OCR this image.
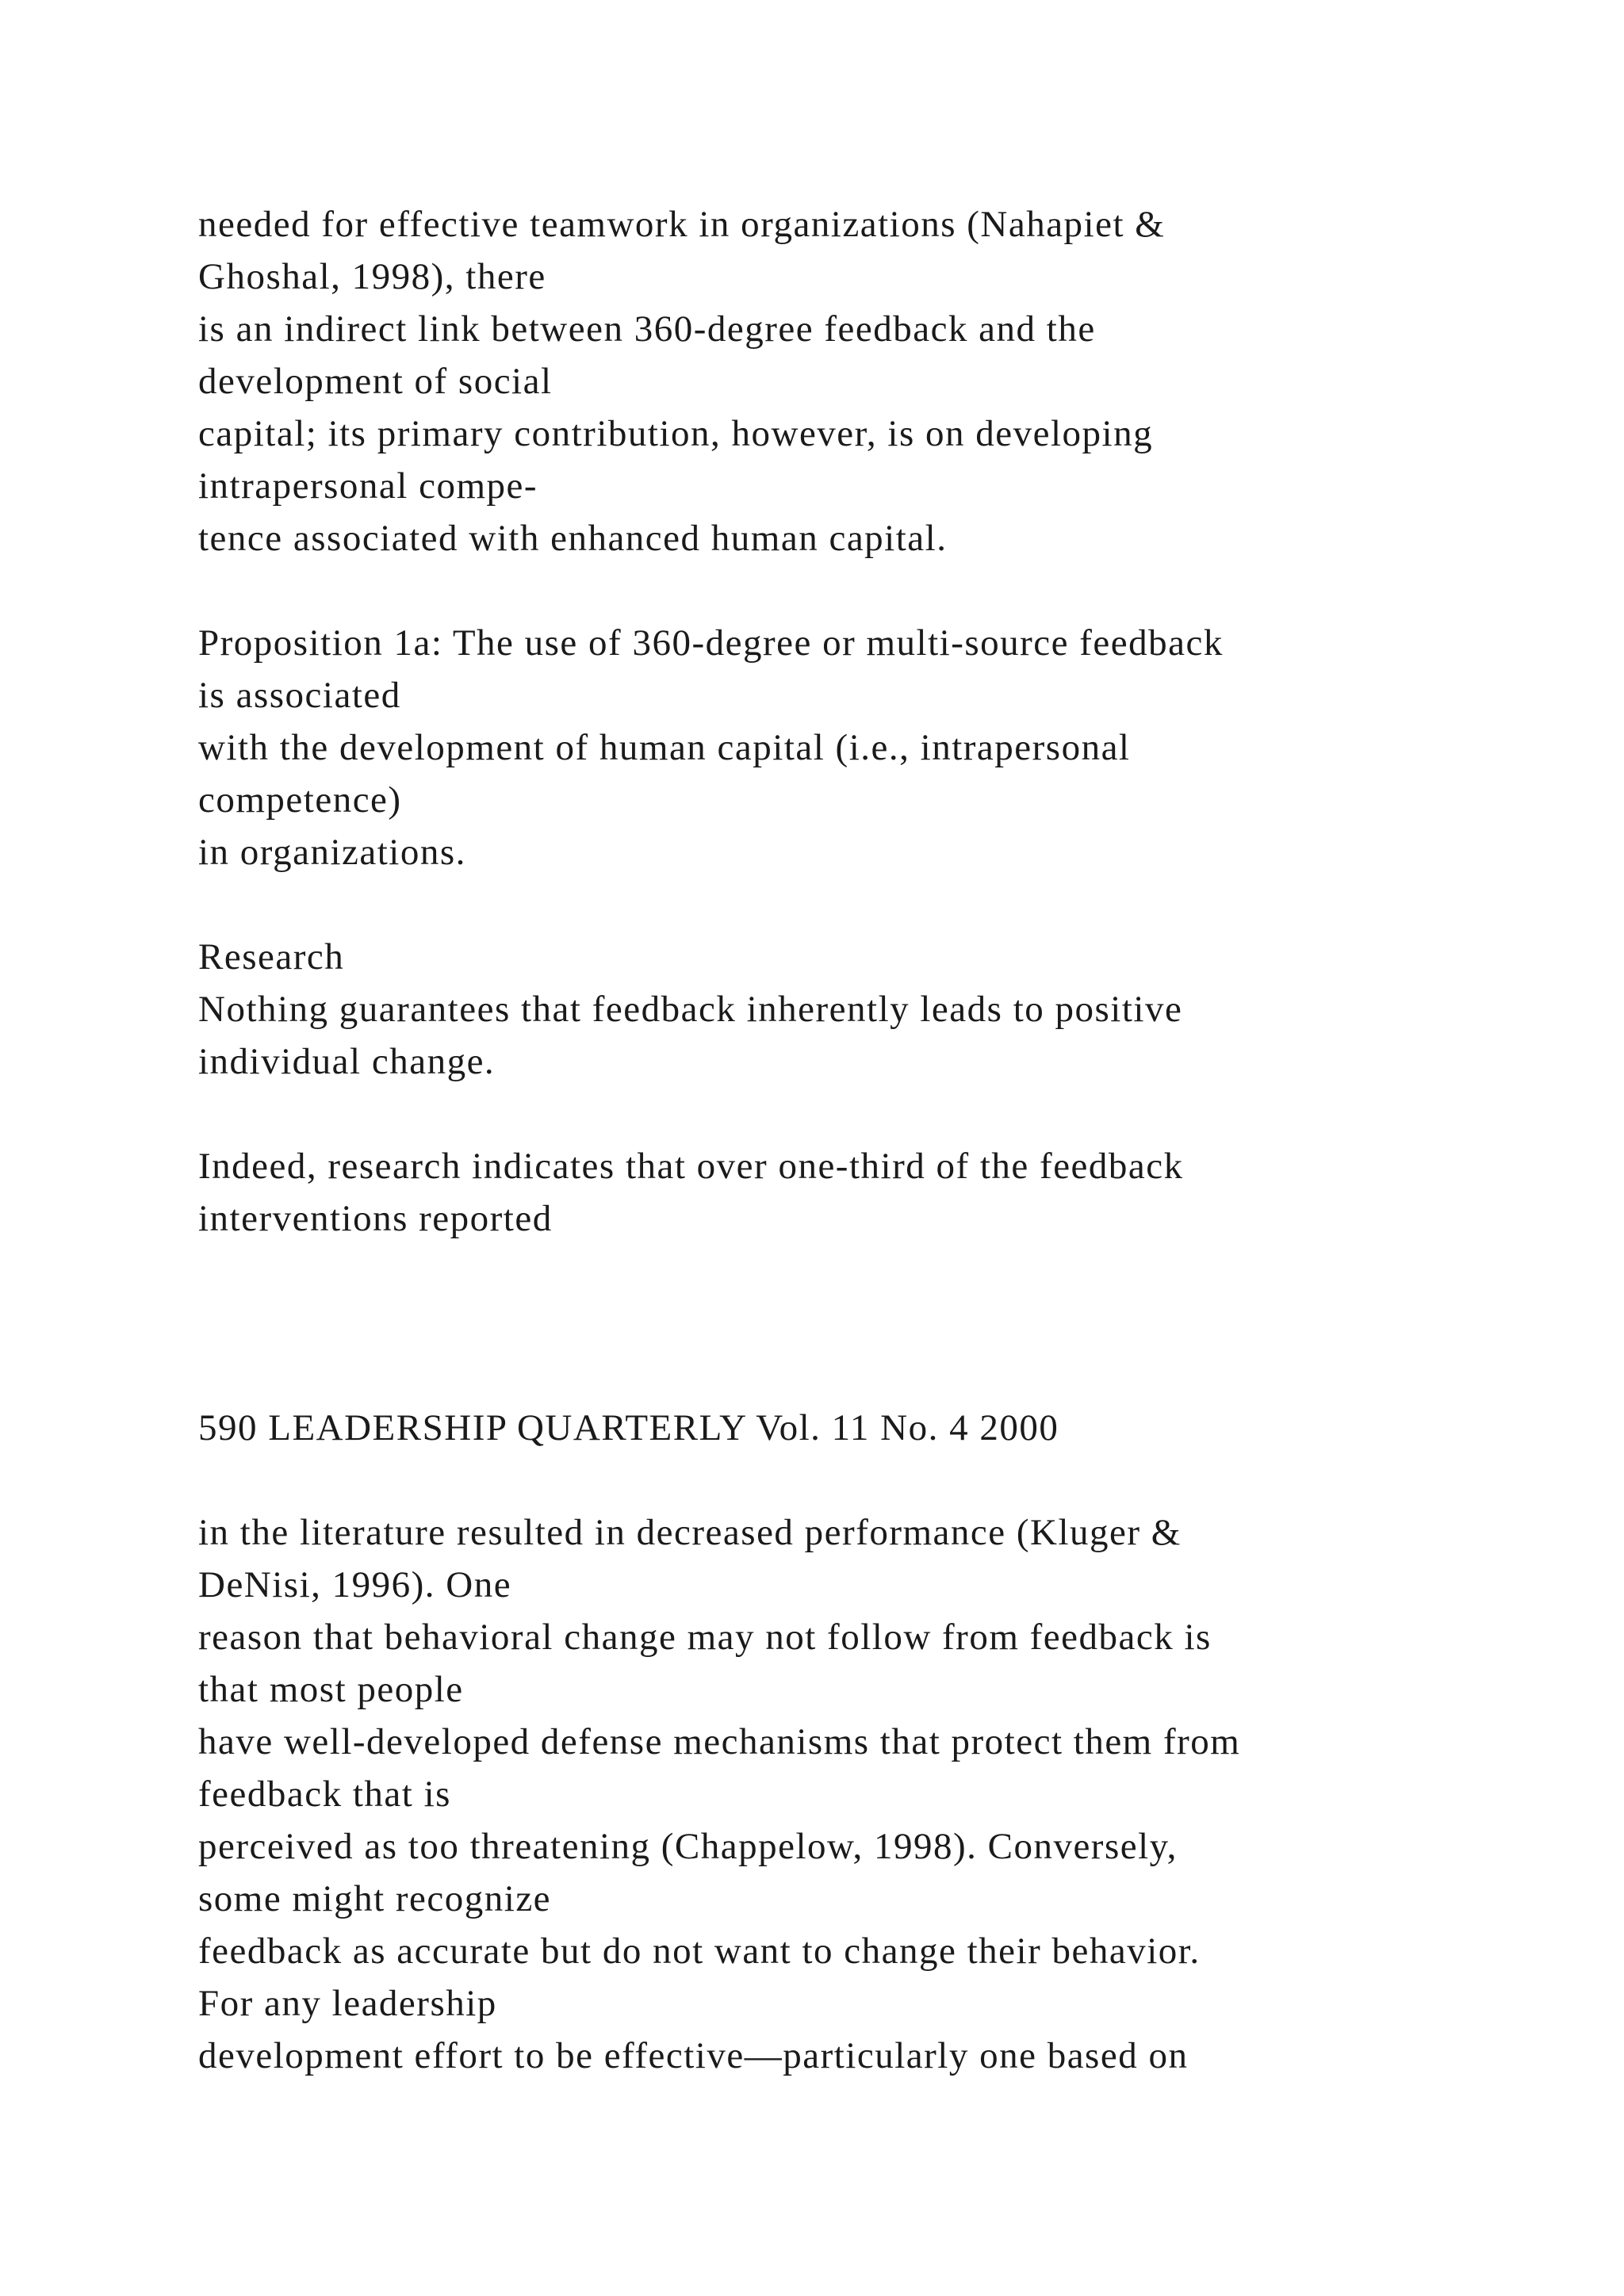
needed for effective teamwork in organizations (Nahapiet &
Ghoshal, 1998), there
is an indirect link between 360-degree feedback and the
development of social
capital; its primary contribution, however, is on developing
intrapersonal compe-
tence associated with enhanced human capital.
Proposition 1a: The use of 360-degree or multi-source feedback
is associated
with the development of human capital (i.e., intrapersonal
competence)
in organizations.
Research
Nothing guarantees that feedback inherently leads to positive
individual change.
Indeed, research indicates that over one-third of the feedback
interventions reported
590 LEADERSHIP QUARTERLY Vol. 11 No. 4 2000
in the literature resulted in decreased performance (Kluger &
DeNisi, 1996). One
reason that behavioral change may not follow from feedback is
that most people
have well-developed defense mechanisms that protect them from
feedback that is
perceived as too threatening (Chappelow, 1998). Conversely,
some might recognize
feedback as accurate but do not want to change their behavior.
For any leadership
development effort to be effective—particularly one based on
